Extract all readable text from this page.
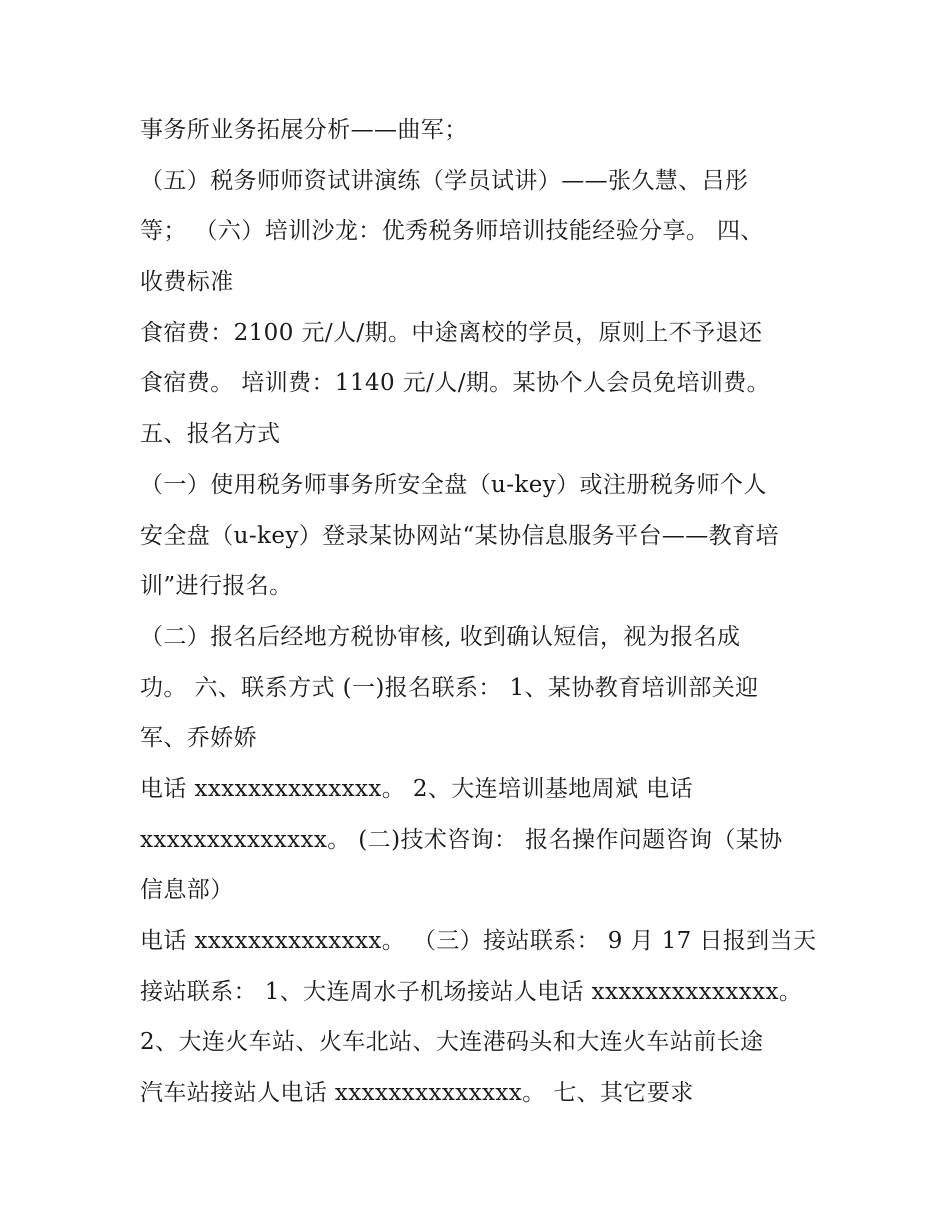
事务所业务拓展分析——曲军；
（五）税务师师资试讲演练（学员试讲）——张久慧、吕彤
等； （六）培训沙龙：优秀税务师培训技能经验分享。 四、
收费标准
食宿费：2100 元/人/期。中途离校的学员，原则上不予退还
食宿费。 培训费：1140 元/人/期。某协个人会员免培训费。
五、报名方式
（一）使用税务师事务所安全盘（u-key）或注册税务师个人
安全盘（u-key）登录某协网站“某协信息服务平台——教育培
训”进行报名。
（二）报名后经地方税协审核, 收到确认短信，视为报名成
功。 六、联系方式 (一)报名联系： 1、某协教育培训部关迎
军、乔娇娇
电话 xxxxxxxxxxxxxx。 2、大连培训基地周斌 电话
xxxxxxxxxxxxxx。 (二)技术咨询： 报名操作问题咨询（某协
信息部）
电话 xxxxxxxxxxxxxx。 （三）接站联系： 9 月 17 日报到当天
接站联系： 1、大连周水子机场接站人电话 xxxxxxxxxxxxxx。
2、大连火车站、火车北站、大连港码头和大连火车站前长途
汽车站接站人电话 xxxxxxxxxxxxxx。 七、其它要求
